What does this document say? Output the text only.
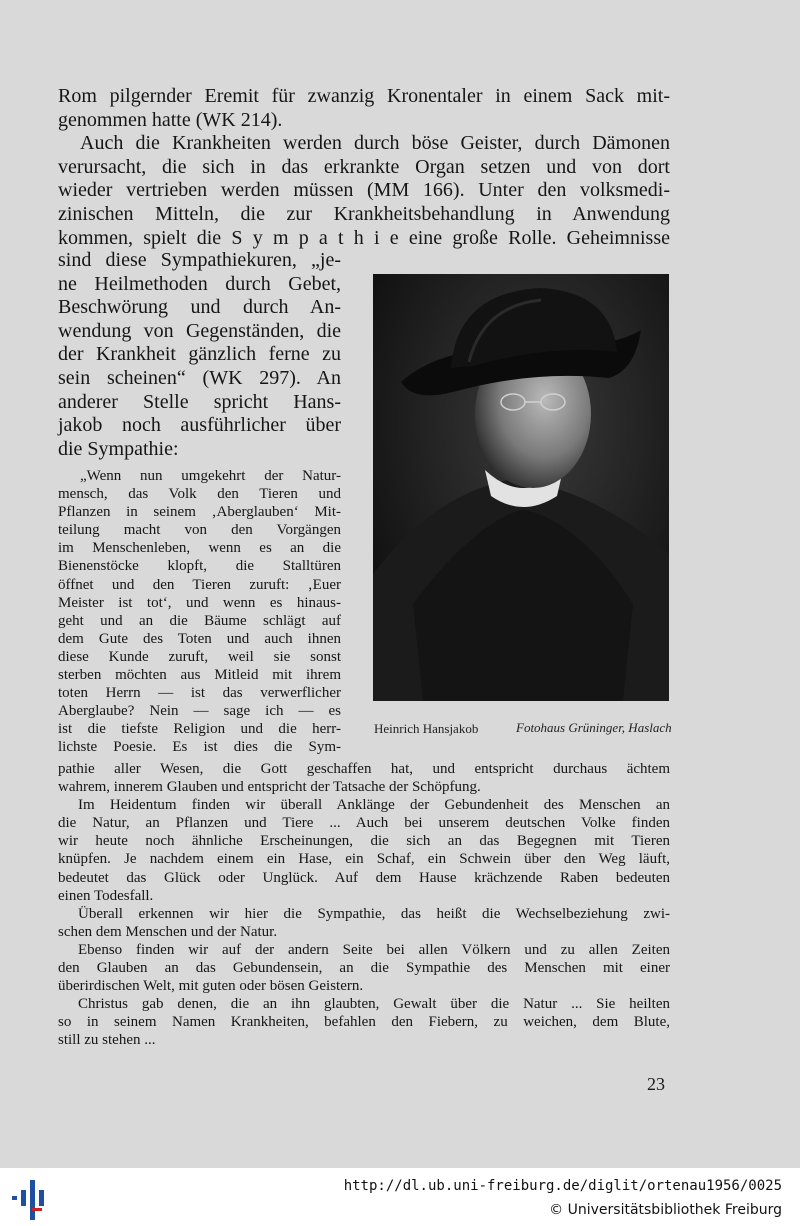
Rom pilgernder Eremit für zwanzig Kronentaler in einem Sack mit-
genommen hatte (WK 214).
Auch die Krankheiten werden durch böse Geister, durch Dämonen
verursacht, die sich in das erkrankte Organ setzen und von dort
wieder vertrieben werden müssen (MM 166). Unter den volksmedi-
zinischen Mitteln, die zur Krankheitsbehandlung in Anwendung
kommen, spielt die S y m p a t h i e eine große Rolle. Geheimnisse
sind diese Sympathiekuren, „je-
ne Heilmethoden durch Gebet,
Beschwörung und durch An-
wendung von Gegenständen, die
der Krankheit gänzlich ferne zu
sein scheinen“ (WK 297). An
anderer Stelle spricht Hans-
jakob noch ausführlicher über
die Sympathie:
„Wenn nun umgekehrt der Natur-
mensch, das Volk den Tieren und
Pflanzen in seinem ‚Aberglauben‘ Mit-
teilung macht von den Vorgängen
im Menschenleben, wenn es an die
Bienenstöcke klopft, die Stalltüren
öffnet und den Tieren zuruft: ‚Euer
Meister ist tot‘, und wenn es hinaus-
geht und an die Bäume schlägt auf
dem Gute des Toten und auch ihnen
diese Kunde zuruft, weil sie sonst
sterben möchten aus Mitleid mit ihrem
toten Herrn — ist das verwerflicher
Aberglaube? Nein — sage ich — es
ist die tiefste Religion und die herr-
lichste Poesie. Es ist dies die Sym-
Heinrich Hansjakob	Fotohaus Grüninger, Haslach
pathie aller Wesen, die Gott geschaffen hat, und entspricht durchaus ächtem
wahrem, innerem Glauben und entspricht der Tatsache der Schöpfung.
Im Heidentum finden wir überall Anklänge der Gebundenheit des Menschen an
die Natur, an Pflanzen und Tiere ... Auch bei unserem deutschen Volke finden
wir heute noch ähnliche Erscheinungen, die sich an das Begegnen mit Tieren
knüpfen. Je nachdem einem ein Hase, ein Schaf, ein Schwein über den Weg läuft,
bedeutet das Glück oder Unglück. Auf dem Hause krächzende Raben bedeuten
einen Todesfall.
Überall erkennen wir hier die Sympathie, das heißt die Wechselbeziehung zwi-
schen dem Menschen und der Natur.
Ebenso finden wir auf der andern Seite bei allen Völkern und zu allen Zeiten
den Glauben an das Gebundensein, an die Sympathie des Menschen mit einer
überirdischen Welt, mit guten oder bösen Geistern.
Christus gab denen, die an ihn glaubten, Gewalt über die Natur ... Sie heilten
so in seinem Namen Krankheiten, befahlen den Fiebern, zu weichen, dem Blute,
still zu stehen ...
23
http://dl.ub.uni-freiburg.de/diglit/ortenau1956/0025
© Universitätsbibliothek Freiburg
